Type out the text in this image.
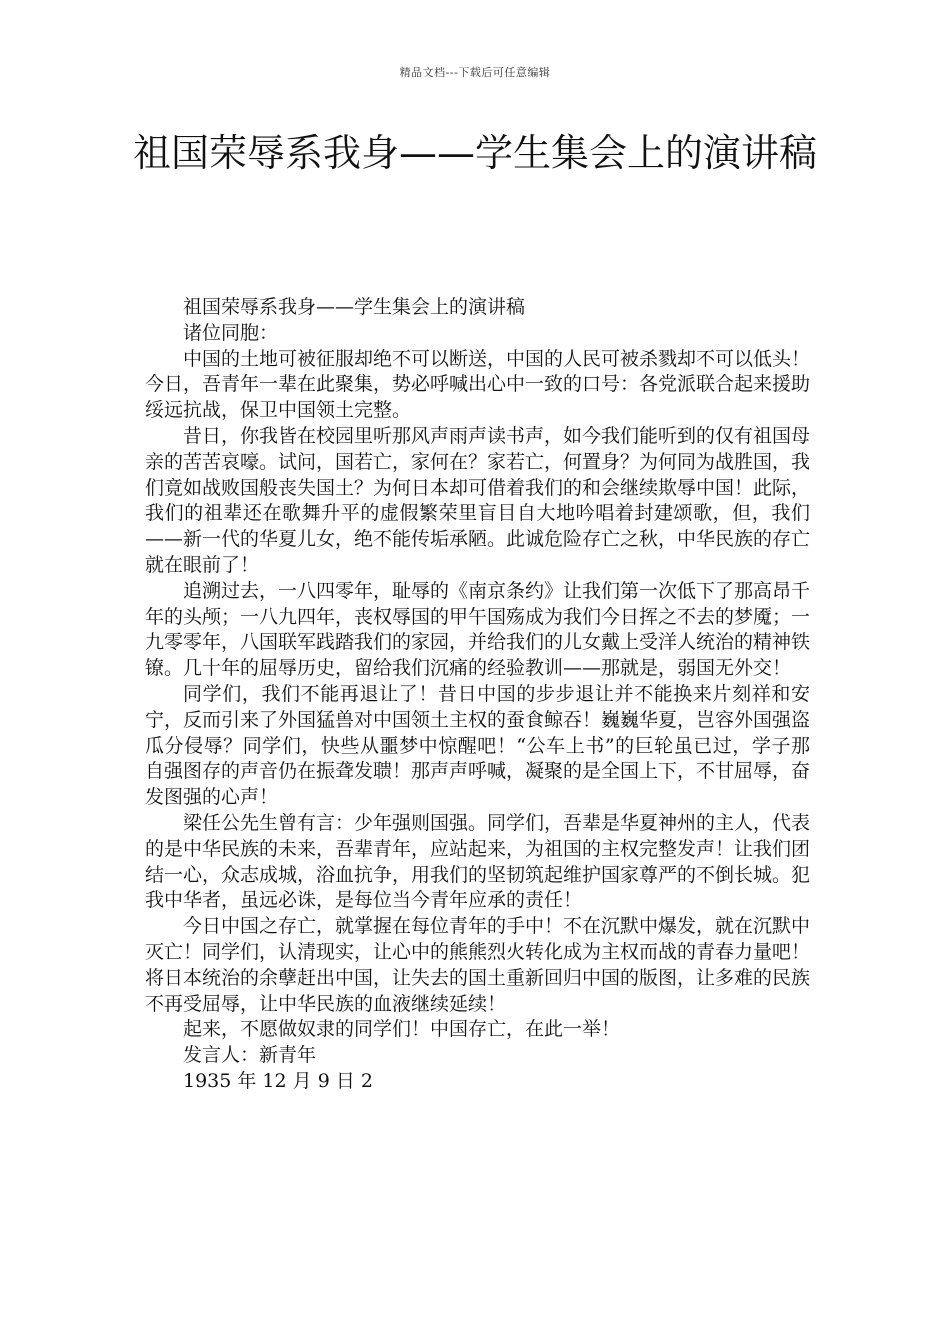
精品文档---下载后可任意编辑
祖国荣辱系我身——学生集会上的演讲稿

祖国荣辱系我身——学生集会上的演讲稿

诸位同胞：

中国的土地可被征服却绝不可以断送，中国的人民可被杀戮却不可以低头！今日，吾青年一辈在此聚集，势必呼喊出心中一致的口号：各党派联合起来援助绥远抗战，保卫中国领土完整。

昔日，你我皆在校园里听那风声雨声读书声，如今我们能听到的仅有祖国母亲的苦苦哀嚎。试问，国若亡，家何在？家若亡，何置身？为何同为战胜国，我们竟如战败国般丧失国土？为何日本却可借着我们的和会继续欺辱中国！此际，我们的祖辈还在歌舞升平的虚假繁荣里盲目自大地吟唱着封建颂歌，但，我们——新一代的华夏儿女，绝不能传垢承陋。此诚危险存亡之秋，中华民族的存亡就在眼前了！

追溯过去，一八四零年，耻辱的《南京条约》让我们第一次低下了那高昂千年的头颅；一八九四年，丧权辱国的甲午国殇成为我们今日挥之不去的梦魇；一九零零年，八国联军践踏我们的家园，并给我们的儿女戴上受洋人统治的精神铁镣。几十年的屈辱历史，留给我们沉痛的经验教训——那就是，弱国无外交！

同学们，我们不能再退让了！昔日中国的步步退让并不能换来片刻祥和安宁，反而引来了外国猛兽对中国领土主权的蚕食鲸吞！巍巍华夏，岂容外国强盗瓜分侵辱？同学们，快些从噩梦中惊醒吧！“公车上书”的巨轮虽已过，学子那自强图存的声音仍在振聋发聩！那声声呼喊，凝聚的是全国上下，不甘屈辱，奋发图强的心声！

梁任公先生曾有言：少年强则国强。同学们，吾辈是华夏神州的主人，代表的是中华民族的未来，吾辈青年，应站起来，为祖国的主权完整发声！让我们团结一心，众志成城，浴血抗争，用我们的坚韧筑起维护国家尊严的不倒长城。犯我中华者，虽远必诛，是每位当今青年应承的责任！

今日中国之存亡，就掌握在每位青年的手中！不在沉默中爆发，就在沉默中灭亡！同学们，认清现实，让心中的熊熊烈火转化成为主权而战的青春力量吧！将日本统治的余孽赶出中国，让失去的国土重新回归中国的版图，让多难的民族不再受屈辱，让中华民族的血液继续延续！

起来，不愿做奴隶的同学们！中国存亡，在此一举！

发言人：新青年

1935 年 12 月 9 日 2
